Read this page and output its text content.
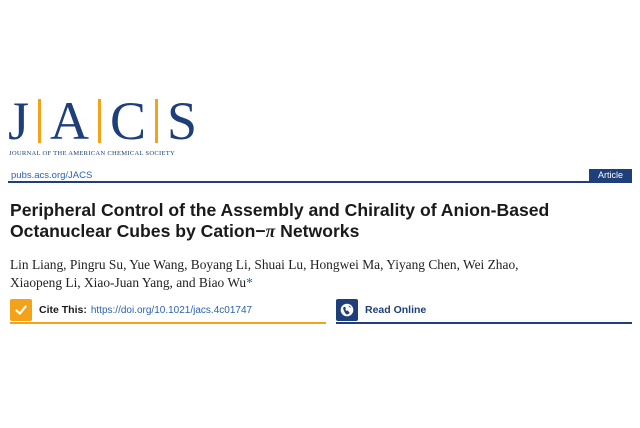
J A C S
JOURNAL OF THE AMERICAN CHEMICAL SOCIETY
pubs.acs.org/JACS	Article
Peripheral Control of the Assembly and Chirality of Anion-Based
Octanuclear Cubes by Cation−π Networks
Lin Liang, Pingru Su, Yue Wang, Boyang Li, Shuai Lu, Hongwei Ma, Yiyang Chen, Wei Zhao,
Xiaopeng Li, Xiao-Juan Yang, and Biao Wu*
Cite This: https://doi.org/10.1021/jacs.4c01747	Read Online
